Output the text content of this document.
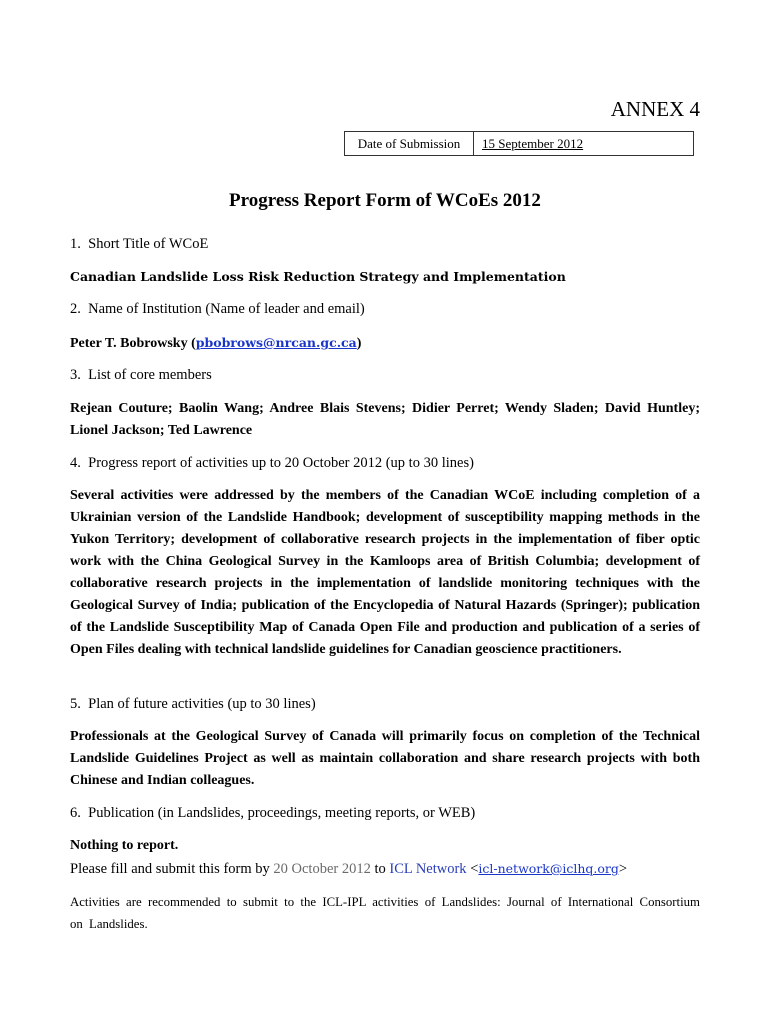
ANNEX 4
Date of Submission	15 September 2012
Progress Report Form of WCoEs 2012
1.  Short Title of WCoE
Canadian Landslide Loss Risk Reduction Strategy and Implementation
2.  Name of Institution (Name of leader and email)
Peter T. Bobrowsky (pbobrows@nrcan.gc.ca)
3.  List of core members
Rejean Couture; Baolin Wang; Andree Blais Stevens; Didier Perret; Wendy Sladen; David Huntley; Lionel Jackson; Ted Lawrence
4.  Progress report of activities up to 20 October 2012 (up to 30 lines)
Several activities were addressed by the members of the Canadian WCoE including completion of a Ukrainian version of the Landslide Handbook; development of susceptibility mapping methods in the Yukon Territory; development of collaborative research projects in the implementation of fiber optic work with the China Geological Survey in the Kamloops area of British Columbia; development of collaborative research projects in the implementation of landslide monitoring techniques with the Geological Survey of India; publication of the Encyclopedia of Natural Hazards (Springer); publication of the Landslide Susceptibility Map of Canada Open File and production and publication of a series of Open Files dealing with technical landslide guidelines for Canadian geoscience practitioners.
5.  Plan of future activities (up to 30 lines)
Professionals at the Geological Survey of Canada will primarily focus on completion of the Technical Landslide Guidelines Project as well as maintain collaboration and share research projects with both Chinese and Indian colleagues.
6.  Publication (in Landslides, proceedings, meeting reports, or WEB)
Nothing to report.
Please fill and submit this form by 20 October 2012 to ICL Network <icl-network@iclhq.org>
Activities are recommended to submit to the ICL-IPL activities of Landslides: Journal of International Consortium on Landslides.
